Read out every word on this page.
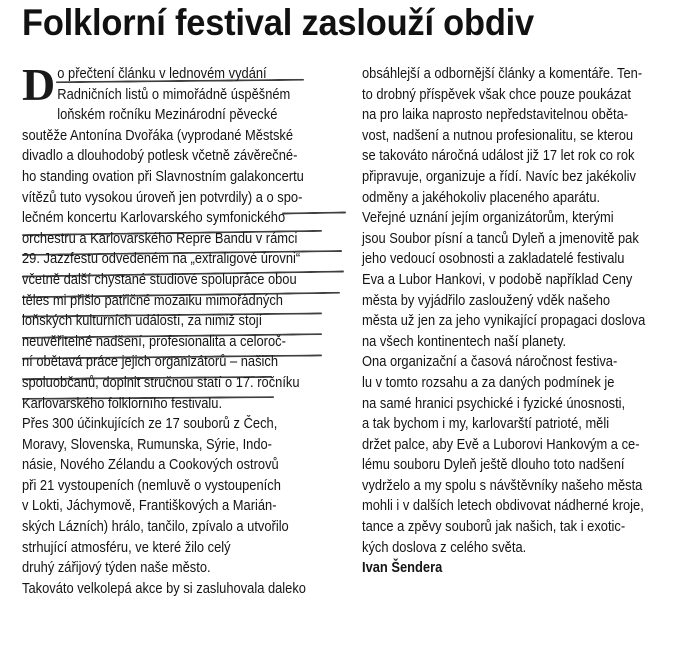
Folklorní festival zaslouží obdiv
D o přečtení článku v lednovém vydání
Radničních listů o mimořádně úspěšném
loňském ročníku Mezinárodní pěvecké
soutěže Antonína Dvořáka (vyprodané Městské
divadlo a dlouhodobý potlesk včetně závěrečné-
ho standing ovation při Slavnostním galakoncertu
vítězů tuto vysokou úroveň jen potvrdily) a o spo-
lečném koncertu Karlovarského symfonického
orchestru a Karlovarského Repre Bandu v rámci
29. Jazzfestu odvedeném na „extraligové úrovni“
včetně další chystané studiové spolupráce obou
těles mi přišlo patřičné mozaiku mimořádných
loňských kulturních událostí, za nimiž stojí
neuvěřitelné nadšení, profesionalita a celoroč-
ní obětavá práce jejich organizátorů – našich
spoluobčanů, doplnit stručnou statí o 17. ročníku
Karlovarského folklorního festivalu.
Přes 300 účinkujících ze 17 souborů z Čech,
Moravy, Slovenska, Rumunska, Sýrie, Indo-
násie, Nového Zélandu a Cookových ostrovů
při 21 vystoupeních (nemluvě o vystoupeních
v Lokti, Jáchymově, Františkových a Marián-
ských Lázních) hrálo, tančilo, zpívalo a utvořilo
strhující atmosféru, ve které žilo celý
druhý zářijový týden naše město.
Takováto velkolepá akce by si zasluhovala daleko
obsáhlejší a odbornější články a komentáře. Ten-
to drobný příspěvek však chce pouze poukázat
na pro laika naprosto nepředstavitelnou oběta-
vost, nadšení a nutnou profesionalitu, se kterou
se takováto náročná událost již 17 let rok co rok
připravuje, organizuje a řídí. Navíc bez jakékoliv
odměny a jakéhokoliv placeného aparátu.
Veřejné uznání jejím organizátorům, kterými
jsou Soubor písní a tanců Dyleň a jmenovitě pak
jeho vedoucí osobnosti a zakladatelé festivalu
Eva a Lubor Hankovi, v podobě například Ceny
města by vyjádřilo zasloužený vděk našeho
města už jen za jeho vynikající propagaci doslova
na všech kontinentech naší planety.
Ona organizační a časová náročnost festiva-
lu v tomto rozsahu a za daných podmínek je
na samé hranici psychické i fyzické únosnosti,
a tak bychom i my, karlovarští patrioté, měli
držet palce, aby Evě a Luborovi Hankovým a ce-
lému souboru Dyleň ještě dlouho toto nadšení
vydrželo a my spolu s návštěvníky našeho města
mohli i v dalších letech obdivovat nádherné kroje,
tance a zpěvy souborů jak našich, tak i exotic-
kých doslova z celého světa.
Ivan Šendera
